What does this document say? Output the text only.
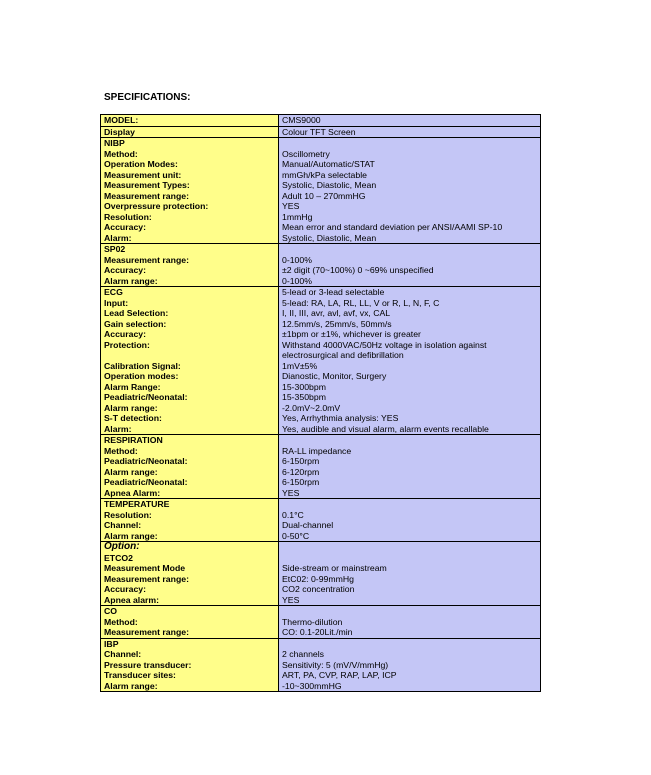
SPECIFICATIONS:
MODEL:	CMS9000
Display	Colour TFT Screen
NIBP	
Method:	Oscillometry
Operation Modes:	Manual/Automatic/STAT
Measurement unit:	mmGh/kPa selectable
Measurement Types:	Systolic, Diastolic, Mean
Measurement range:	Adult 10 – 270mmHG
Overpressure protection:	YES
Resolution:	1mmHg
Accuracy:	Mean error and standard deviation per ANSI/AAMI SP-10
Alarm:	Systolic, Diastolic, Mean
SP02	
Measurement range:	0-100%
Accuracy:	±2 digit (70~100%) 0 ~69% unspecified
Alarm range:	0-100%
ECG	5-lead or 3-lead selectable
Input:	5-lead: RA, LA, RL, LL, V or R, L, N, F, C
Lead Selection:	I, II, III, avr, avl, avf, vx, CAL
Gain selection:	12.5mm/s, 25mm/s, 50mm/s
Accuracy:	±1bpm or ±1%, whichever is greater
Protection:	Withstand 4000VAC/50Hz voltage in isolation against electrosurgical and defibrillation
Calibration Signal:	1mV±5%
Operation modes:	Dianostic, Monitor, Surgery
Alarm Range:	15-300bpm
Peadiatric/Neonatal:	15-350bpm
Alarm range:	-2.0mV~2.0mV
S-T detection:	Yes, Arrhythmia analysis: YES
Alarm:	Yes, audible and visual alarm, alarm events recallable
RESPIRATION	
Method:	RA-LL impedance
Peadiatric/Neonatal:	6-150rpm
Alarm range:	6-120rpm
Peadiatric/Neonatal:	6-150rpm
Apnea Alarm:	YES
TEMPERATURE	
Resolution:	0.1°C
Channel:	Dual-channel
Alarm range:	0-50°C
Option:	
ETCO2	
Measurement Mode	Side-stream or mainstream
Measurement range:	EtC02: 0-99mmHg
Accuracy:	CO2 concentration
Apnea alarm:	YES
CO	
Method:	Thermo-dilution
Measurement range:	CO: 0.1-20Lit./min
IBP	
Channel:	2 channels
Pressure transducer:	Sensitivity: 5 (mV/V/mmHg)
Transducer sites:	ART, PA, CVP, RAP, LAP, ICP
Alarm range:	-10~300mmHG
